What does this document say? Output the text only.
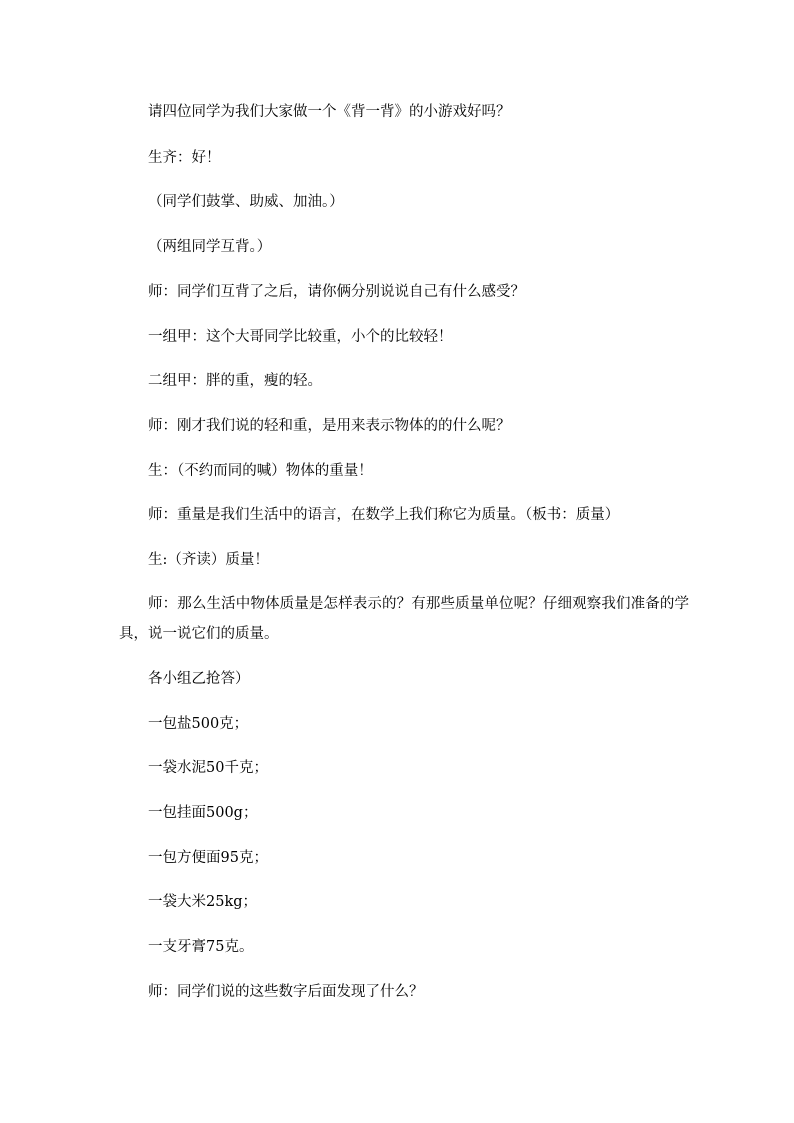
请四位同学为我们大家做一个《背一背》的小游戏好吗？

生齐：好！

（同学们鼓掌、助威、加油。）

（两组同学互背。）

师：同学们互背了之后，请你俩分别说说自己有什么感受？

一组甲：这个大哥同学比较重，小个的比较轻！

二组甲：胖的重，瘦的轻。

师：刚才我们说的轻和重，是用来表示物体的的什么呢？

生：（不约而同的喊）物体的重量！

师：重量是我们生活中的语言，在数学上我们称它为质量。（板书：质量）

生:（齐读）质量！

师：那么生活中物体质量是怎样表示的？有那些质量单位呢？仔细观察我们准备的学具，说一说它们的质量。

各小组乙抢答）

一包盐500克；

一袋水泥50千克；

一包挂面500g；

一包方便面95克；

一袋大米25kg；

一支牙膏75克。

师：同学们说的这些数字后面发现了什么？
